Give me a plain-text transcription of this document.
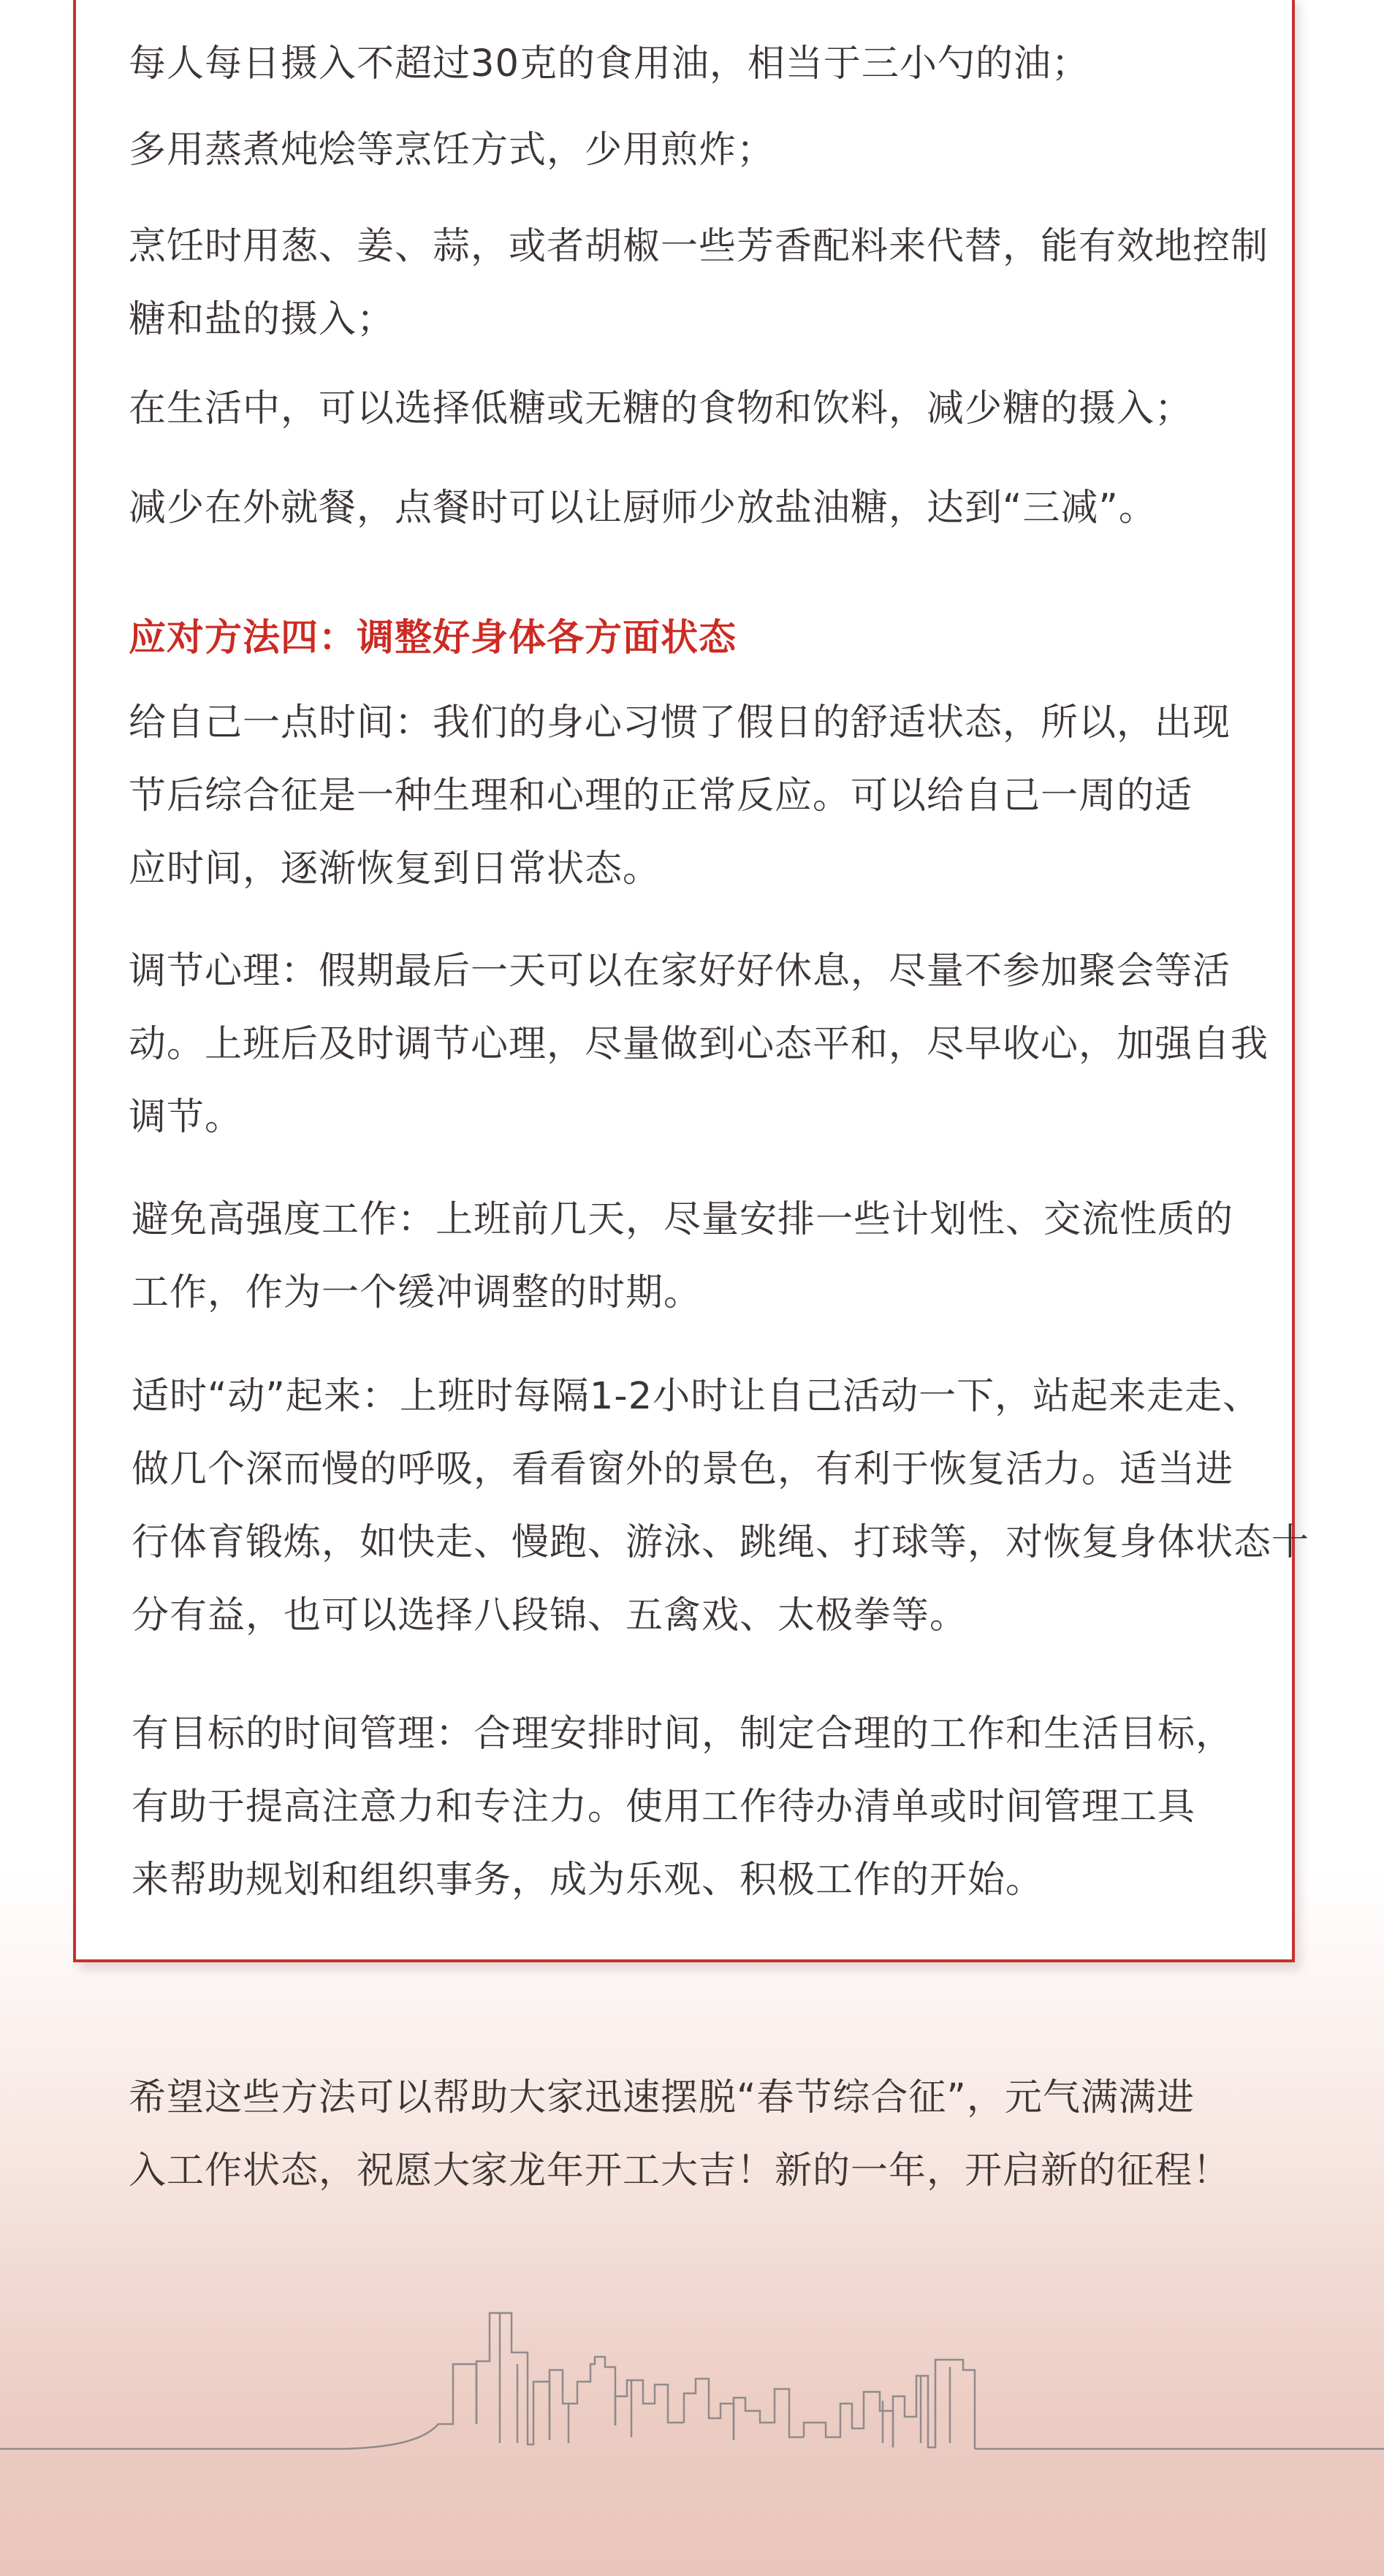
每人每日摄入不超过30克的食用油，相当于三小勺的油；

多用蒸煮炖烩等烹饪方式，少用煎炸；

烹饪时用葱、姜、蒜，或者胡椒一些芳香配料来代替，能有效地控制
糖和盐的摄入；

在生活中，可以选择低糖或无糖的食物和饮料，减少糖的摄入；

减少在外就餐，点餐时可以让厨师少放盐油糖，达到“三减”。

应对方法四：调整好身体各方面状态

给自己一点时间：我们的身心习惯了假日的舒适状态，所以，出现
节后综合征是一种生理和心理的正常反应。可以给自己一周的适
应时间，逐渐恢复到日常状态。

调节心理：假期最后一天可以在家好好休息，尽量不参加聚会等活
动。上班后及时调节心理，尽量做到心态平和，尽早收心，加强自我
调节。

避免高强度工作：上班前几天，尽量安排一些计划性、交流性质的
工作，作为一个缓冲调整的时期。

适时“动”起来：上班时每隔1-2小时让自己活动一下，站起来走走、
做几个深而慢的呼吸，看看窗外的景色，有利于恢复活力。适当进
行体育锻炼，如快走、慢跑、游泳、跳绳、打球等，对恢复身体状态十
分有益，也可以选择八段锦、五禽戏、太极拳等。

有目标的时间管理：合理安排时间，制定合理的工作和生活目标，
有助于提高注意力和专注力。使用工作待办清单或时间管理工具
来帮助规划和组织事务，成为乐观、积极工作的开始。

希望这些方法可以帮助大家迅速摆脱“春节综合征”，元气满满进
入工作状态，祝愿大家龙年开工大吉！新的一年，开启新的征程！
